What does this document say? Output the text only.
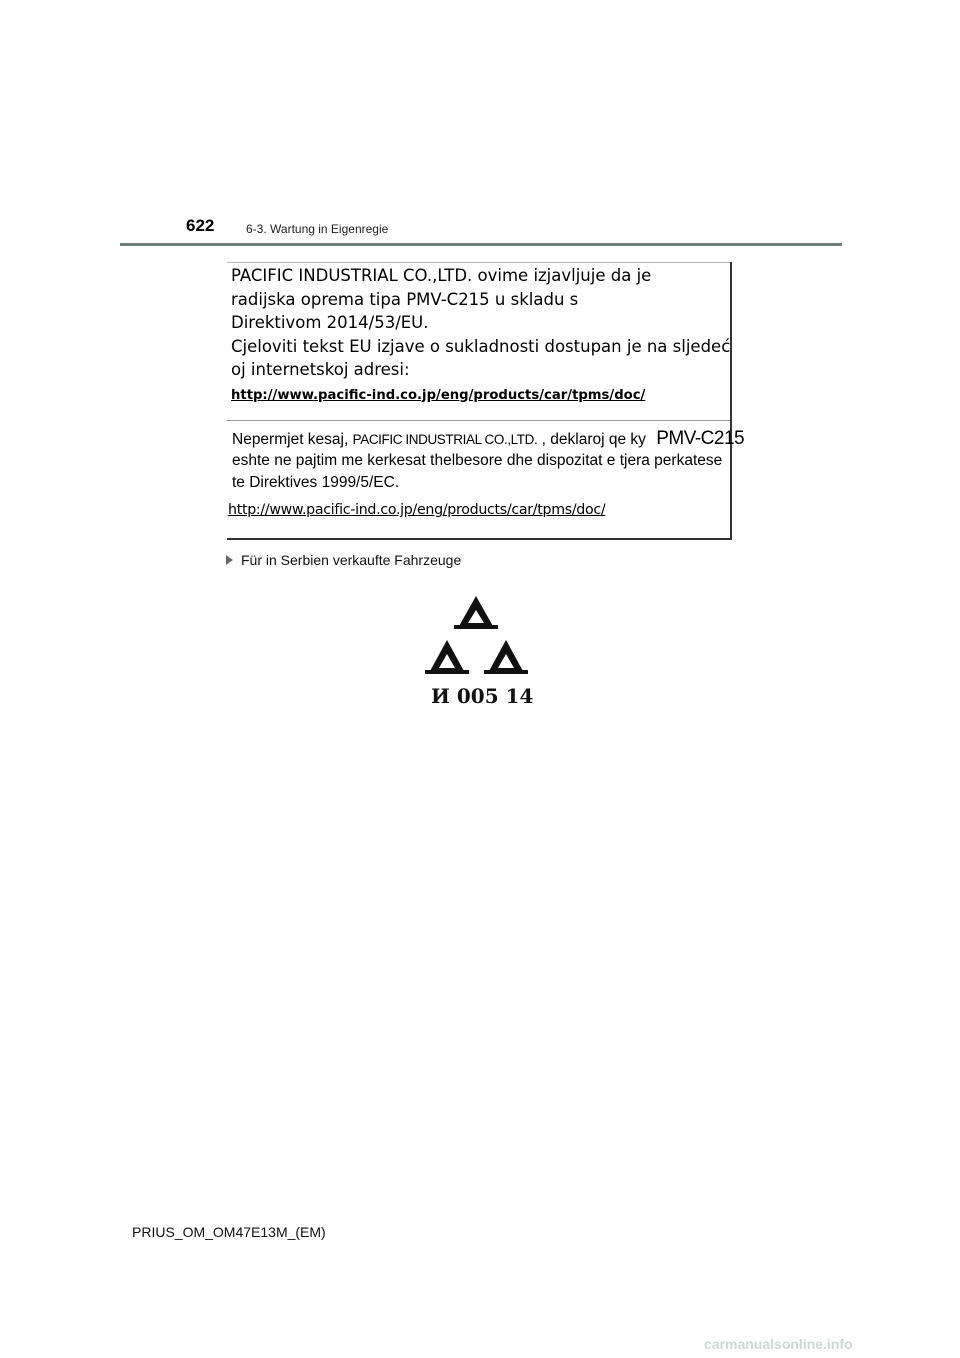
622	6-3. Wartung in Eigenregie
PACIFIC INDUSTRIAL CO.,LTD. ovime izjavljuje da je
radijska oprema tipa PMV-C215 u skladu s
Direktivom 2014/53/EU.
Cjeloviti tekst EU izjave o sukladnosti dostupan je na sljedeć
oj internetskoj adresi:
http://www.pacific-ind.co.jp/eng/products/car/tpms/doc/
Nepermjet kesaj, PACIFIC INDUSTRIAL CO.,LTD. , deklaroj qe ky PMV-C215
eshte ne pajtim me kerkesat thelbesore dhe dispozitat e tjera perkatese
te Direktives 1999/5/EC.
http://www.pacific-ind.co.jp/eng/products/car/tpms/doc/
Für in Serbien verkaufte Fahrzeuge
И 005 14
PRIUS_OM_OM47E13M_(EM)
carmanualsonline.info
